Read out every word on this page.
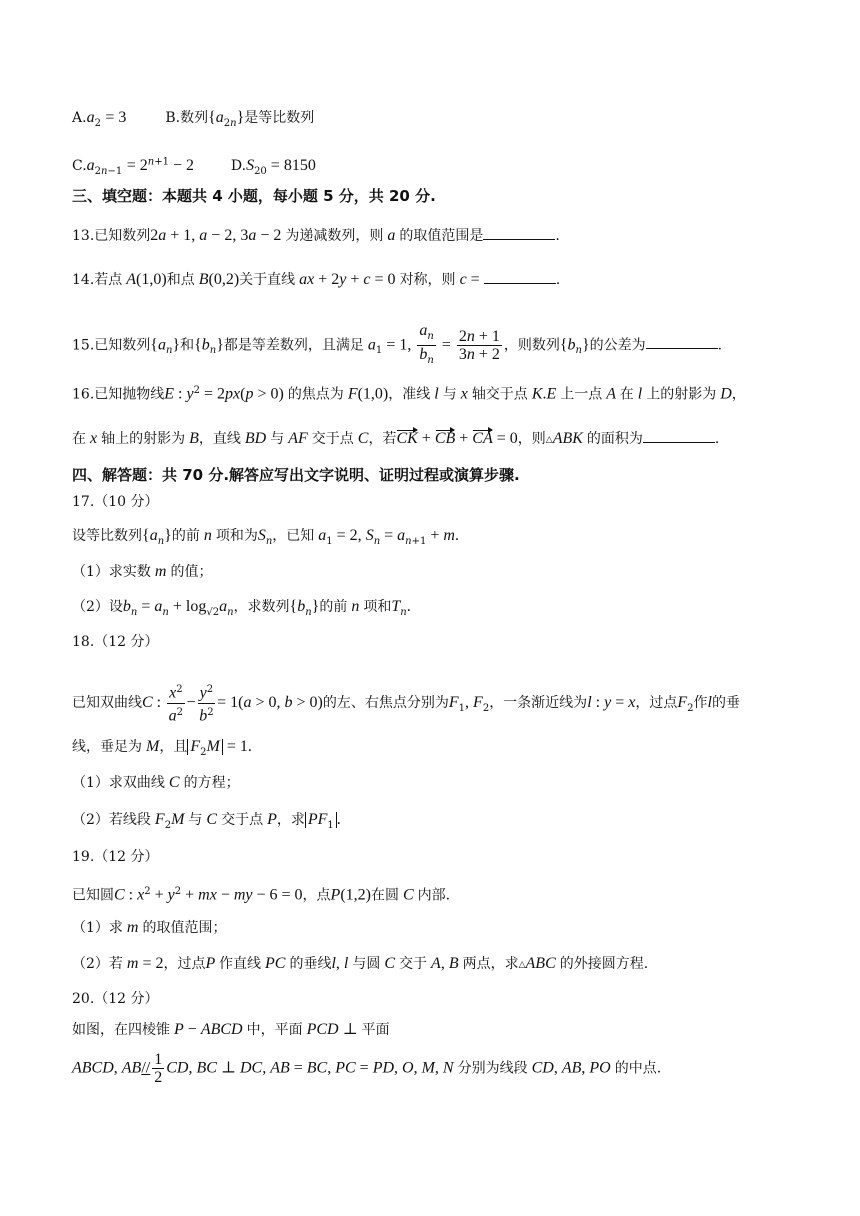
$A.a_2 = 3$	B.数列$\{a_{2n}\}$是等比数列
$C.a_{2n-1} = 2^{n+1} - 2$	$D.S_{20} = 8150$
三、填空题：本题共 4 小题，每小题 5 分，共 20 分.
13.已知数列2a + 1, a − 2, 3a − 2 为递减数列，则 a 的取值范围是	.
14.若点 A(1,0)和点 B(0,2)关于直线 ax + 2y + c = 0 对称，则 c =	.
15.已知数列$\{a_n\}$和$\{b_n\}$都是等差数列，且满足 $a_1 = 1$, $\frac{a_n}{b_n} = \frac{2n + 1}{3n + 2}$ ，则数列$\{b_n\}$的公差为	.
16.已知抛物线E : $y^2 = 2px(p > 0)$ 的焦点为 F(1,0)，准线 l 与 x 轴交于点 K.E 上一点 A 在 l 上的射影为 D，
在 x 轴上的射影为 B，直线 BD 与 AF 交于点 C，若CK + CB + CA = 0，则△ABK 的面积为	.
四、解答题：共 70 分.解答应写出文字说明、证明过程或演算步骤.
17.（10 分）
设等比数列$\{a_n\}$的前 n 项和为$S_n$，已知 $a_1 = 2$, $S_n = a_{n+1} + m$.
（1）求实数 m 的值；
（2）设$b_n = a_n + \log_{√2}a_n$，求数列$\{b_n\}$的前 n 项和$T_n$.
18.（12 分）
已知双曲线C : $\frac{x^2}{a^2} - \frac{y^2}{b^2} = 1(a > 0$, b > 0)的左、右焦点分别为$F_1$, $F_2$，一条渐近线为l : y = x，过点$F_2$作l的垂
线，垂足为 M，且 $F_2M = 1$.
（1）求双曲线 C 的方程；
（2）若线段 $F_2M$ 与 C 交于点 P，求 $PF_1$ .
19.（12 分）
已知圆C : $x^2 + y^2$ + mx − my − 6 = 0，点P(1,2)在圆 C 内部.
（1）求 m 的取值范围；
（2）若 m = 2，过点P 作直线 PC 的垂线l, l 与圆 C 交于 A, B 两点，求△ABC 的外接圆方程.
20.（12 分）
如图，在四棱锥 P − ABCD 中，平面 PCD ⊥ 平面
ABCD, $AB// \frac{1}{2}$ CD, BC ⊥ DC, AB = BC, PC = PD, O, M, N 分别为线段 CD, AB, PO 的中点.
